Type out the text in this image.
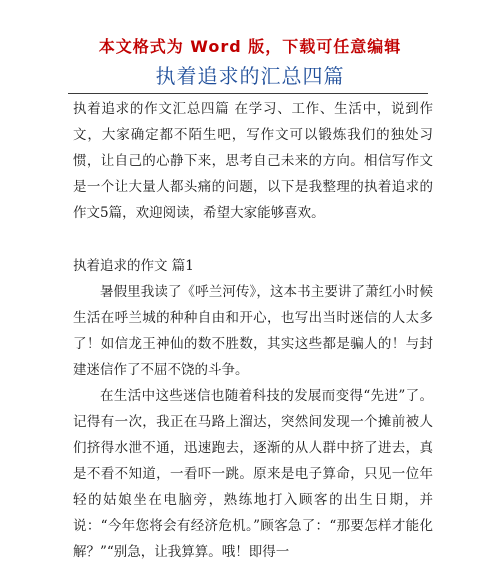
本文格式为 Word 版，下载可任意编辑
执着追求的汇总四篇

执着追求的作文汇总四篇 在学习、工作、生活中，说到作文，大家确定都不陌生吧，写作文可以锻炼我们的独处习惯，让自己的心静下来，思考自己未来的方向。相信写作文是一个让大量人都头痛的问题，以下是我整理的执着追求的作文5篇，欢迎阅读，希望大家能够喜欢。

执着追求的作文 篇1

暑假里我读了《呼兰河传》，这本书主要讲了萧红小时候生活在呼兰城的种种自由和开心，也写出当时迷信的人太多了！如信龙王神仙的数不胜数，其实这些都是骗人的！与封建迷信作了不屈不饶的斗争。

在生活中这些迷信也随着科技的发展而变得“先进”了。记得有一次，我正在马路上溜达，突然间发现一个摊前被人们挤得水泄不通，迅速跑去，逐渐的从人群中挤了进去，真是不看不知道，一看吓一跳。原来是电子算命，只见一位年轻的姑娘坐在电脑旁，熟练地打入顾客的出生日期，并说：“今年您将会有经济危机。”顾客急了：“那要怎样才能化解？”“别急，让我算算。哦！即得一
